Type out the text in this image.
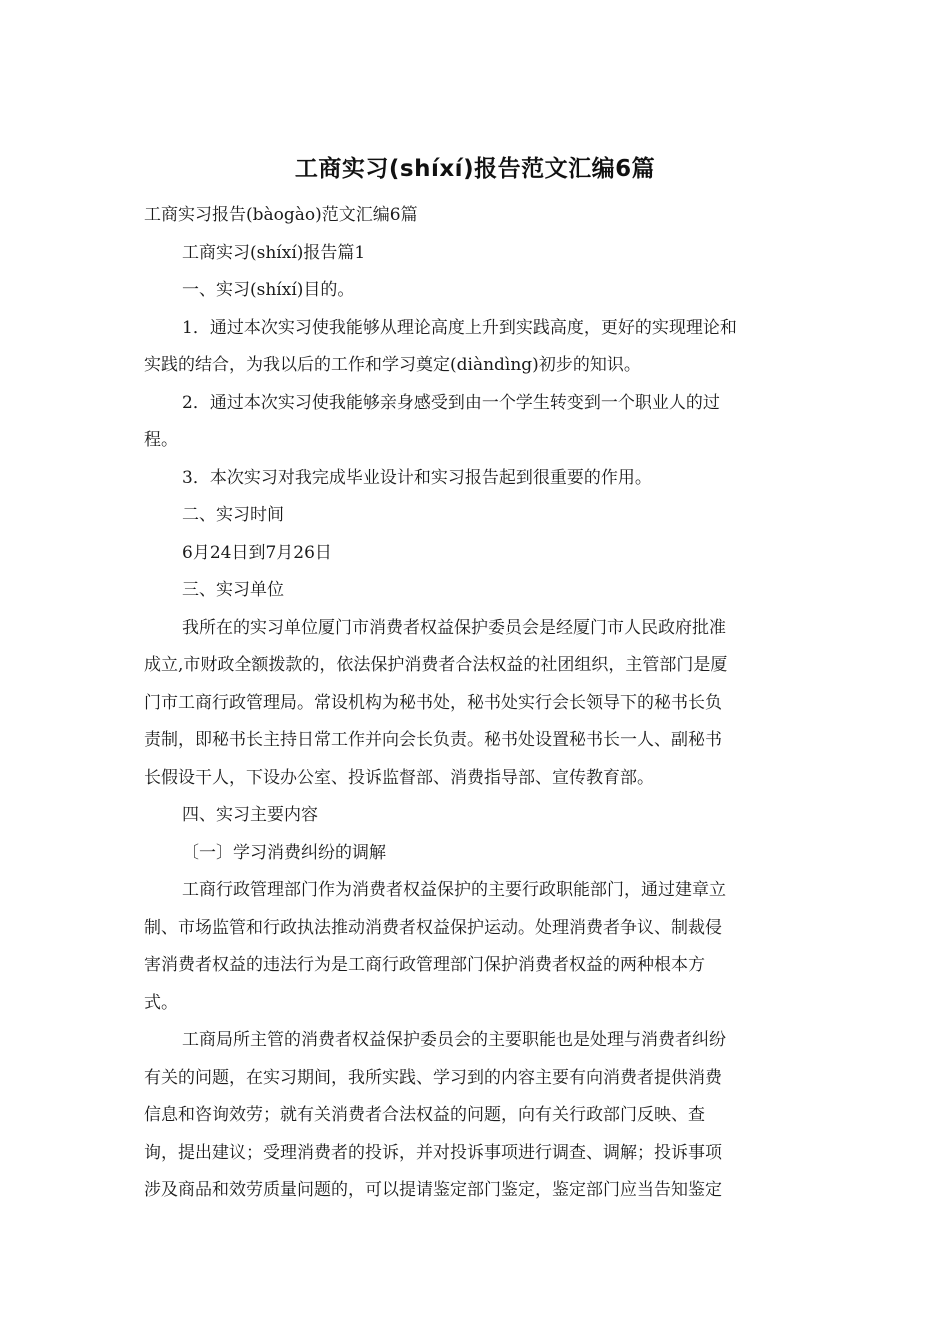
工商实习(shíxí)报告范文汇编6篇

工商实习报告(bàogào)范文汇编6篇

工商实习(shíxí)报告篇1

一、实习(shíxí)目的。

1．通过本次实习使我能够从理论高度上升到实践高度，更好的实现理论和

实践的结合，为我以后的工作和学习奠定(diàndìng)初步的知识。

2．通过本次实习使我能够亲身感受到由一个学生转变到一个职业人的过

程。

3．本次实习对我完成毕业设计和实习报告起到很重要的作用。

二、实习时间

6月24日到7月26日

三、实习单位

我所在的实习单位厦门市消费者权益保护委员会是经厦门市人民政府批准

成立,市财政全额拨款的，依法保护消费者合法权益的社团组织，主管部门是厦

门市工商行政管理局。常设机构为秘书处，秘书处实行会长领导下的秘书长负

责制，即秘书长主持日常工作并向会长负责。秘书处设置秘书长一人、副秘书

长假设干人，下设办公室、投诉监督部、消费指导部、宣传教育部。

四、实习主要内容

〔一〕学习消费纠纷的调解

工商行政管理部门作为消费者权益保护的主要行政职能部门，通过建章立

制、市场监管和行政执法推动消费者权益保护运动。处理消费者争议、制裁侵

害消费者权益的违法行为是工商行政管理部门保护消费者权益的两种根本方

式。

工商局所主管的消费者权益保护委员会的主要职能也是处理与消费者纠纷

有关的问题，在实习期间，我所实践、学习到的内容主要有向消费者提供消费

信息和咨询效劳；就有关消费者合法权益的问题，向有关行政部门反映、查

询，提出建议；受理消费者的投诉，并对投诉事项进行调查、调解；投诉事项

涉及商品和效劳质量问题的，可以提请鉴定部门鉴定，鉴定部门应当告知鉴定
